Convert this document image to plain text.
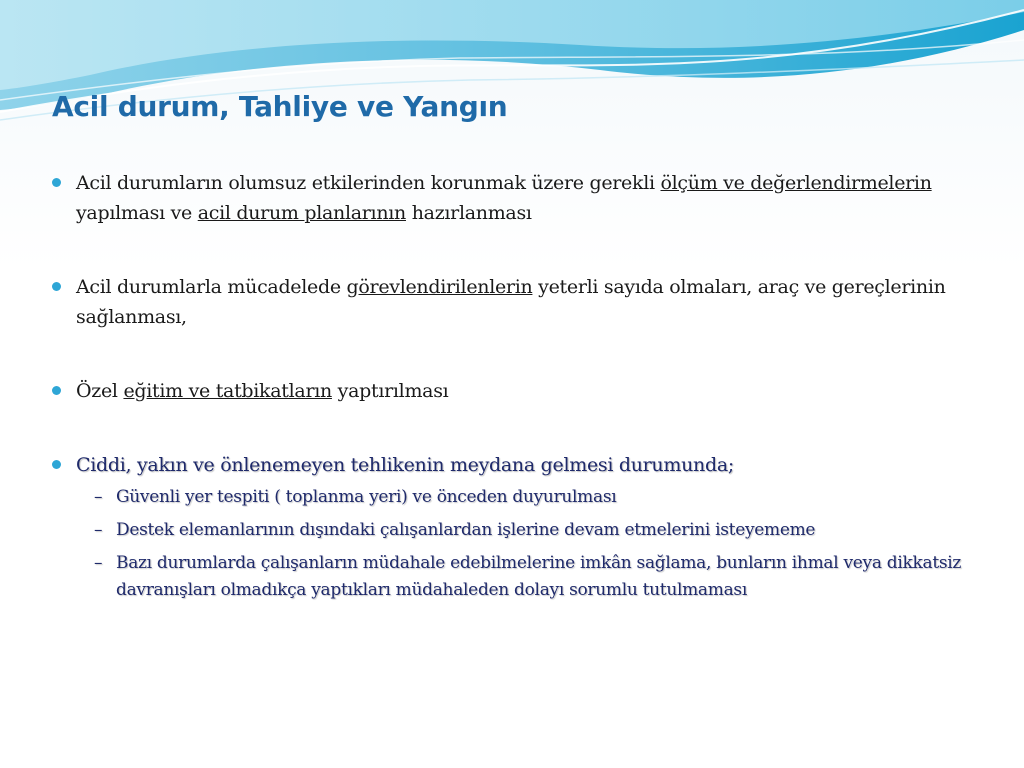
Acil durum, Tahliye ve Yangın
Acil durumların olumsuz etkilerinden korunmak üzere gerekli ölçüm ve değerlendirmelerin yapılması ve acil durum planlarının hazırlanması
Acil durumlarla mücadelede görevlendirilenlerin yeterli sayıda olmaları, araç ve gereçlerinin sağlanması,
Özel eğitim ve tatbikatların yaptırılması
Ciddi, yakın ve önlenemeyen tehlikenin meydana gelmesi durumunda;
– Güvenli yer tespiti ( toplanma yeri) ve önceden duyurulması
– Destek elemanlarının dışındaki çalışanlardan işlerine devam etmelerini isteyememe
– Bazı durumlarda çalışanların müdahale edebilmelerine imkân sağlama, bunların ihmal veya dikkatsiz davranışları olmadıkça yaptıkları müdahaleden dolayı sorumlu tutulmaması
